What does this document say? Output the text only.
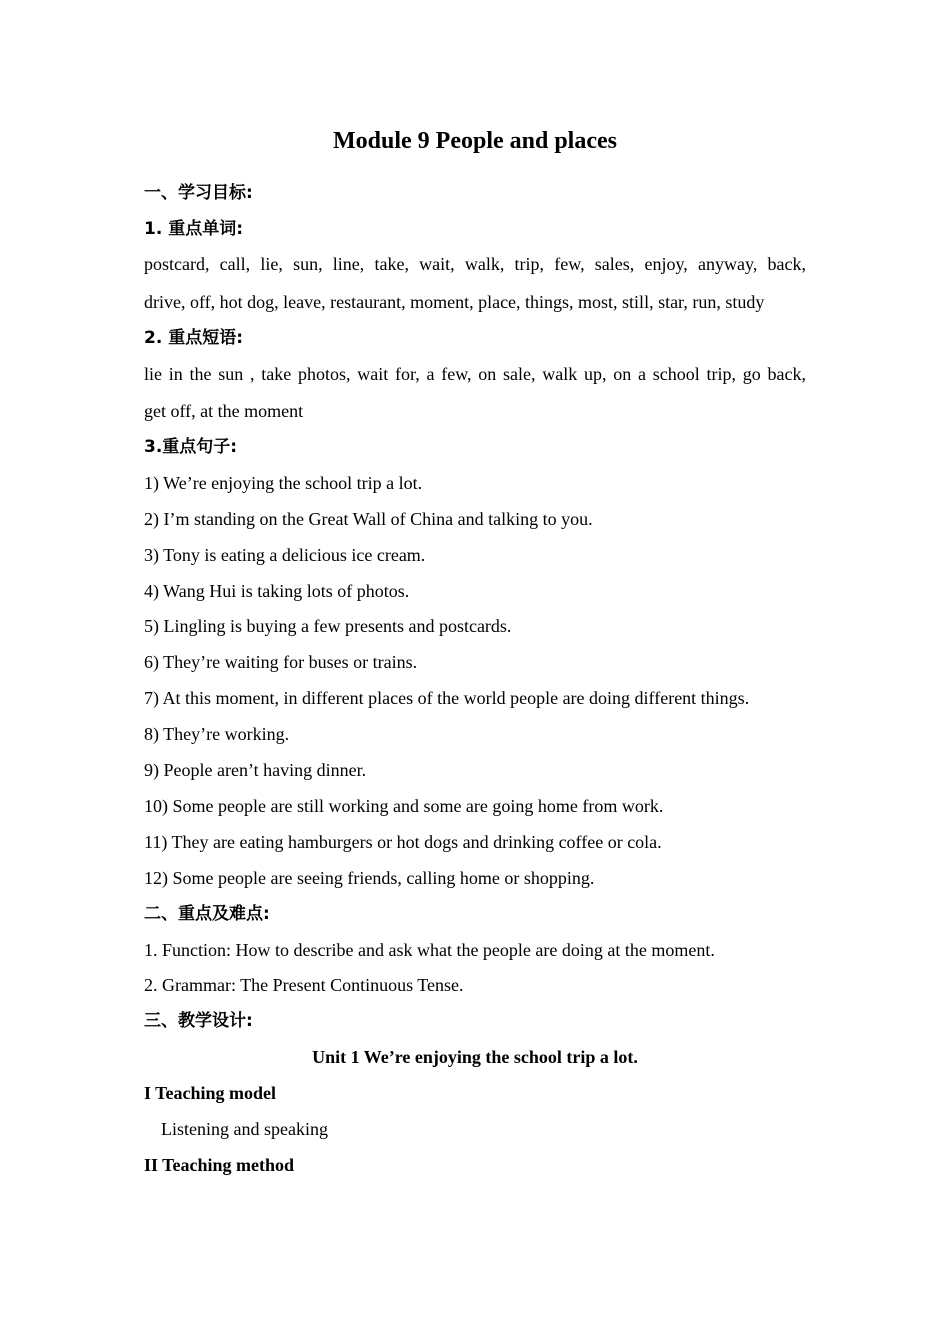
Module 9 People and places
一、学习目标:
1. 重点单词:
postcard, call, lie, sun, line, take, wait, walk, trip, few, sales, enjoy, anyway, back,
drive, off, hot dog, leave, restaurant, moment, place, things, most, still, star, run, study
2. 重点短语:
lie in the sun , take photos, wait for, a few, on sale, walk up, on a school trip, go back,
get off, at the moment
3.重点句子:
1) We’re enjoying the school trip a lot.
2) I’m standing on the Great Wall of China and talking to you.
3) Tony is eating a delicious ice cream.
4) Wang Hui is taking lots of photos.
5) Lingling is buying a few presents and postcards.
6) They’re waiting for buses or trains.
7) At this moment, in different places of the world people are doing different things.
8) They’re working.
9) People aren’t having dinner.
10) Some people are still working and some are going home from work.
11) They are eating hamburgers or hot dogs and drinking coffee or cola.
12) Some people are seeing friends, calling home or shopping.
二、重点及难点:
1. Function: How to describe and ask what the people are doing at the moment.
2. Grammar: The Present Continuous Tense.
三、教学设计:
Unit 1 We’re enjoying the school trip a lot.
I Teaching model
Listening and speaking
II Teaching method
